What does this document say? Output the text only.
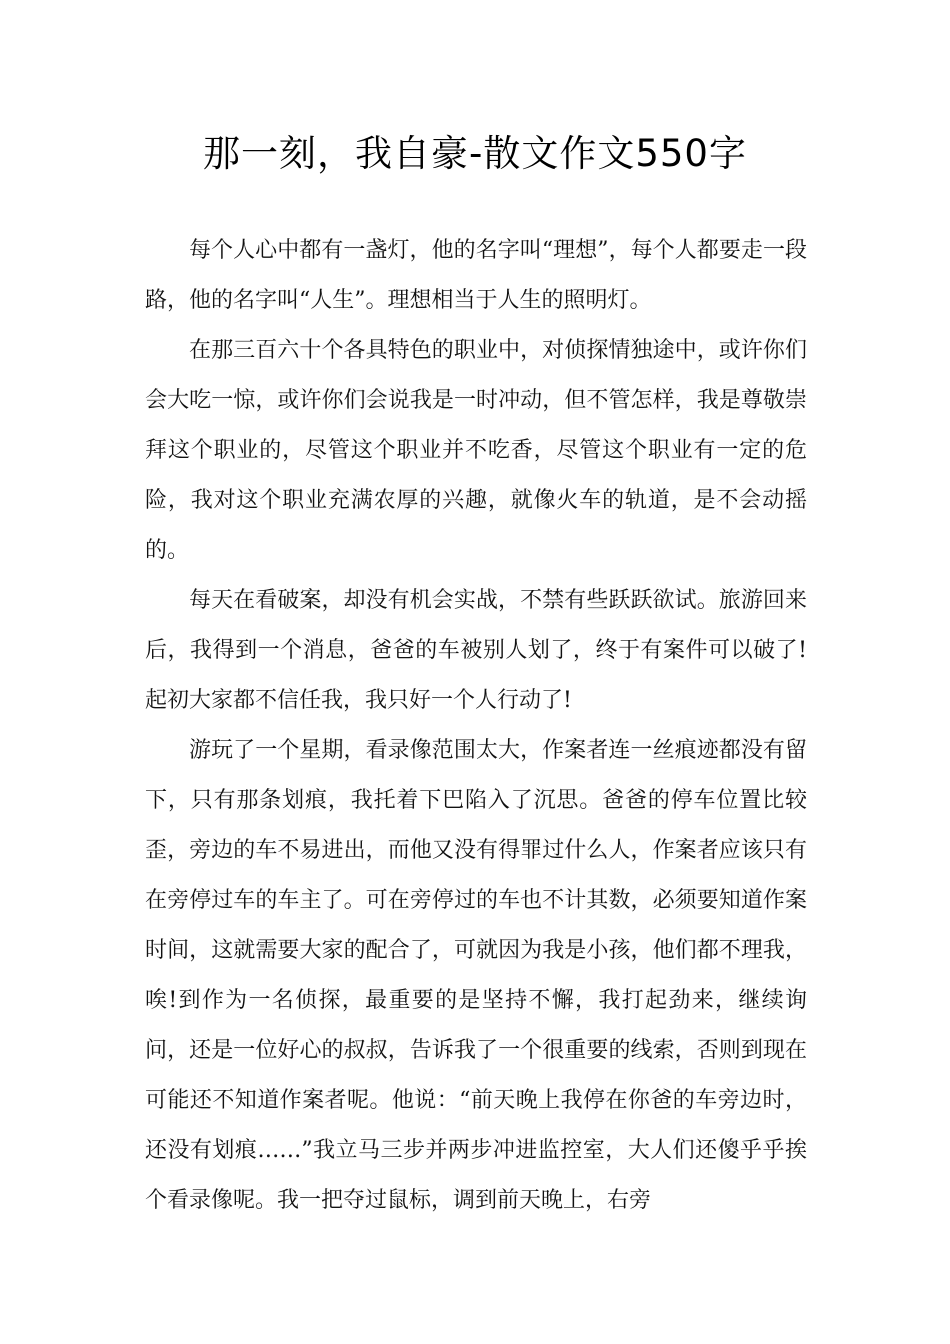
那一刻，我自豪-散文作文550字

每个人心中都有一盏灯，他的名字叫“理想”，每个人都要走一段路，他的名字叫“人生”。理想相当于人生的照明灯。

在那三百六十个各具特色的职业中，对侦探情独途中，或许你们会大吃一惊，或许你们会说我是一时冲动，但不管怎样，我是尊敬崇拜这个职业的，尽管这个职业并不吃香，尽管这个职业有一定的危险，我对这个职业充满农厚的兴趣，就像火车的轨道，是不会动摇的。

每天在看破案，却没有机会实战，不禁有些跃跃欲试。旅游回来后，我得到一个消息，爸爸的车被别人划了，终于有案件可以破了!起初大家都不信任我，我只好一个人行动了!

游玩了一个星期，看录像范围太大，作案者连一丝痕迹都没有留下，只有那条划痕，我托着下巴陷入了沉思。爸爸的停车位置比较歪，旁边的车不易进出，而他又没有得罪过什么人，作案者应该只有在旁停过车的车主了。可在旁停过的车也不计其数，必须要知道作案时间，这就需要大家的配合了，可就因为我是小孩，他们都不理我，唉!到作为一名侦探，最重要的是坚持不懈，我打起劲来，继续询问，还是一位好心的叔叔，告诉我了一个很重要的线索，否则到现在可能还不知道作案者呢。他说：“前天晚上我停在你爸的车旁边时，还没有划痕……”我立马三步并两步冲进监控室，大人们还傻乎乎挨个看录像呢。我一把夺过鼠标，调到前天晚上，右旁
